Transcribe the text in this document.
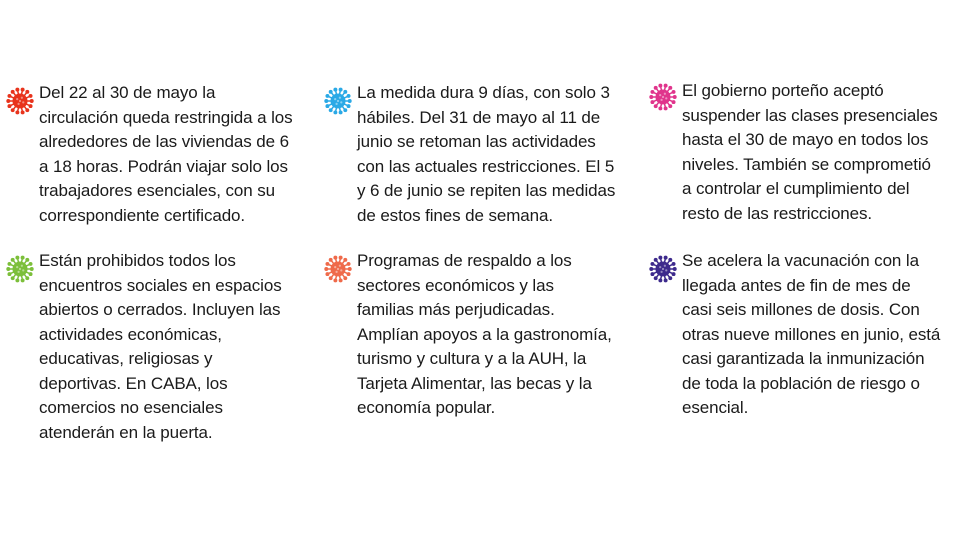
Del 22 al 30 de mayo la
circulación queda restringida a los
alrededores de las viviendas de 6
a 18 horas. Podrán viajar solo los
trabajadores esenciales, con su
correspondiente certificado.
La medida dura 9 días, con solo 3
hábiles. Del 31 de mayo al 11 de
junio se retoman las actividades
con las actuales restricciones. El 5
y 6 de junio se repiten las medidas
de estos fines de semana.
El gobierno porteño aceptó
suspender las clases presenciales
hasta el 30 de mayo en todos los
niveles. También se comprometió
a controlar el cumplimiento del
resto de las restricciones.
Están prohibidos todos los
encuentros sociales en espacios
abiertos o cerrados. Incluyen las
actividades económicas,
educativas, religiosas y
deportivas. En CABA, los
comercios no esenciales
atenderán en la puerta.
Programas de respaldo a los
sectores económicos y las
familias más perjudicadas.
Amplían apoyos a la gastronomía,
turismo y cultura y a la AUH, la
Tarjeta Alimentar, las becas y la
economía popular.
Se acelera la vacunación con la
llegada antes de fin de mes de
casi seis millones de dosis. Con
otras nueve millones en junio, está
casi garantizada la inmunización
de toda la población de riesgo o
esencial.
